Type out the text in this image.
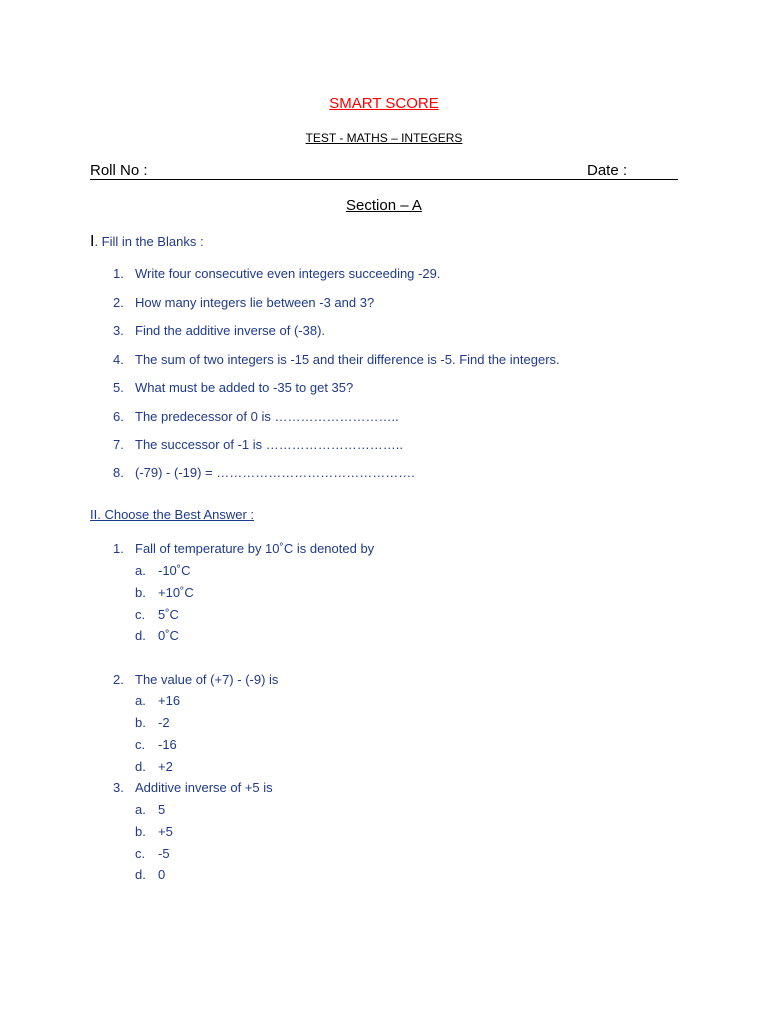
SMART SCORE
TEST - MATHS – INTEGERS
Roll No :	Date :
Section – A
I. Fill in the Blanks :
1. Write four consecutive even integers succeeding -29.
2. How many integers lie between -3 and 3?
3. Find the additive inverse of (-38).
4. The sum of two integers is -15 and their difference is -5. Find the integers.
5. What must be added to -35 to get 35?
6. The predecessor of 0 is ………………………..
7. The successor of -1 is …………………………..
8. (-79) - (-19) = ……………………………………….
II. Choose the Best Answer :
1. Fall of temperature by 10˚C is denoted by
a. -10˚C
b. +10˚C
c. 5˚C
d. 0˚C
2. The value of (+7) - (-9) is
a. +16
b. -2
c. -16
d. +2
3. Additive inverse of +5 is
a. 5
b. +5
c. -5
d. 0
